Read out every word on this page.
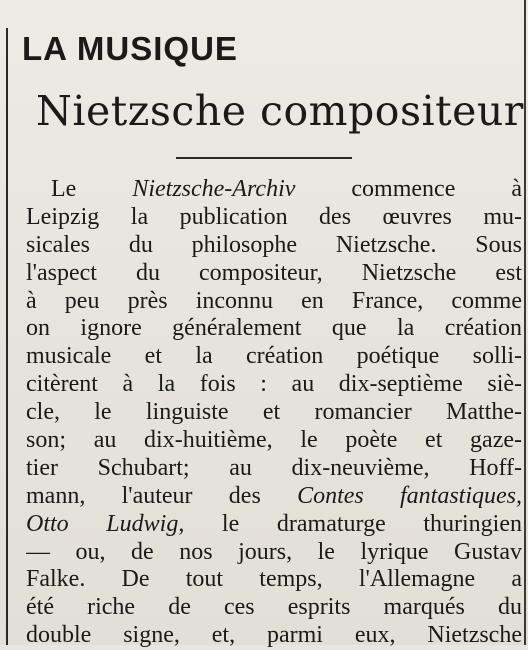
LA MUSIQUE
Nietzsche compositeur
Le Nietzsche-Archiv commence à
Leipzig la publication des œuvres mu-
sicales du philosophe Nietzsche. Sous
l'aspect du compositeur, Nietzsche est
à peu près inconnu en France, comme
on ignore généralement que la création
musicale et la création poétique solli-
citèrent à la fois : au dix-septième siè-
cle, le linguiste et romancier Matthe-
son; au dix-huitième, le poète et gaze-
tier Schubart; au dix-neuvième, Hoff-
mann, l'auteur des Contes fantastiques,
Otto Ludwig, le dramaturge thuringien
— ou, de nos jours, le lyrique Gustav
Falke. De tout temps, l'Allemagne a
été riche de ces esprits marqués du
double signe, et, parmi eux, Nietzsche
